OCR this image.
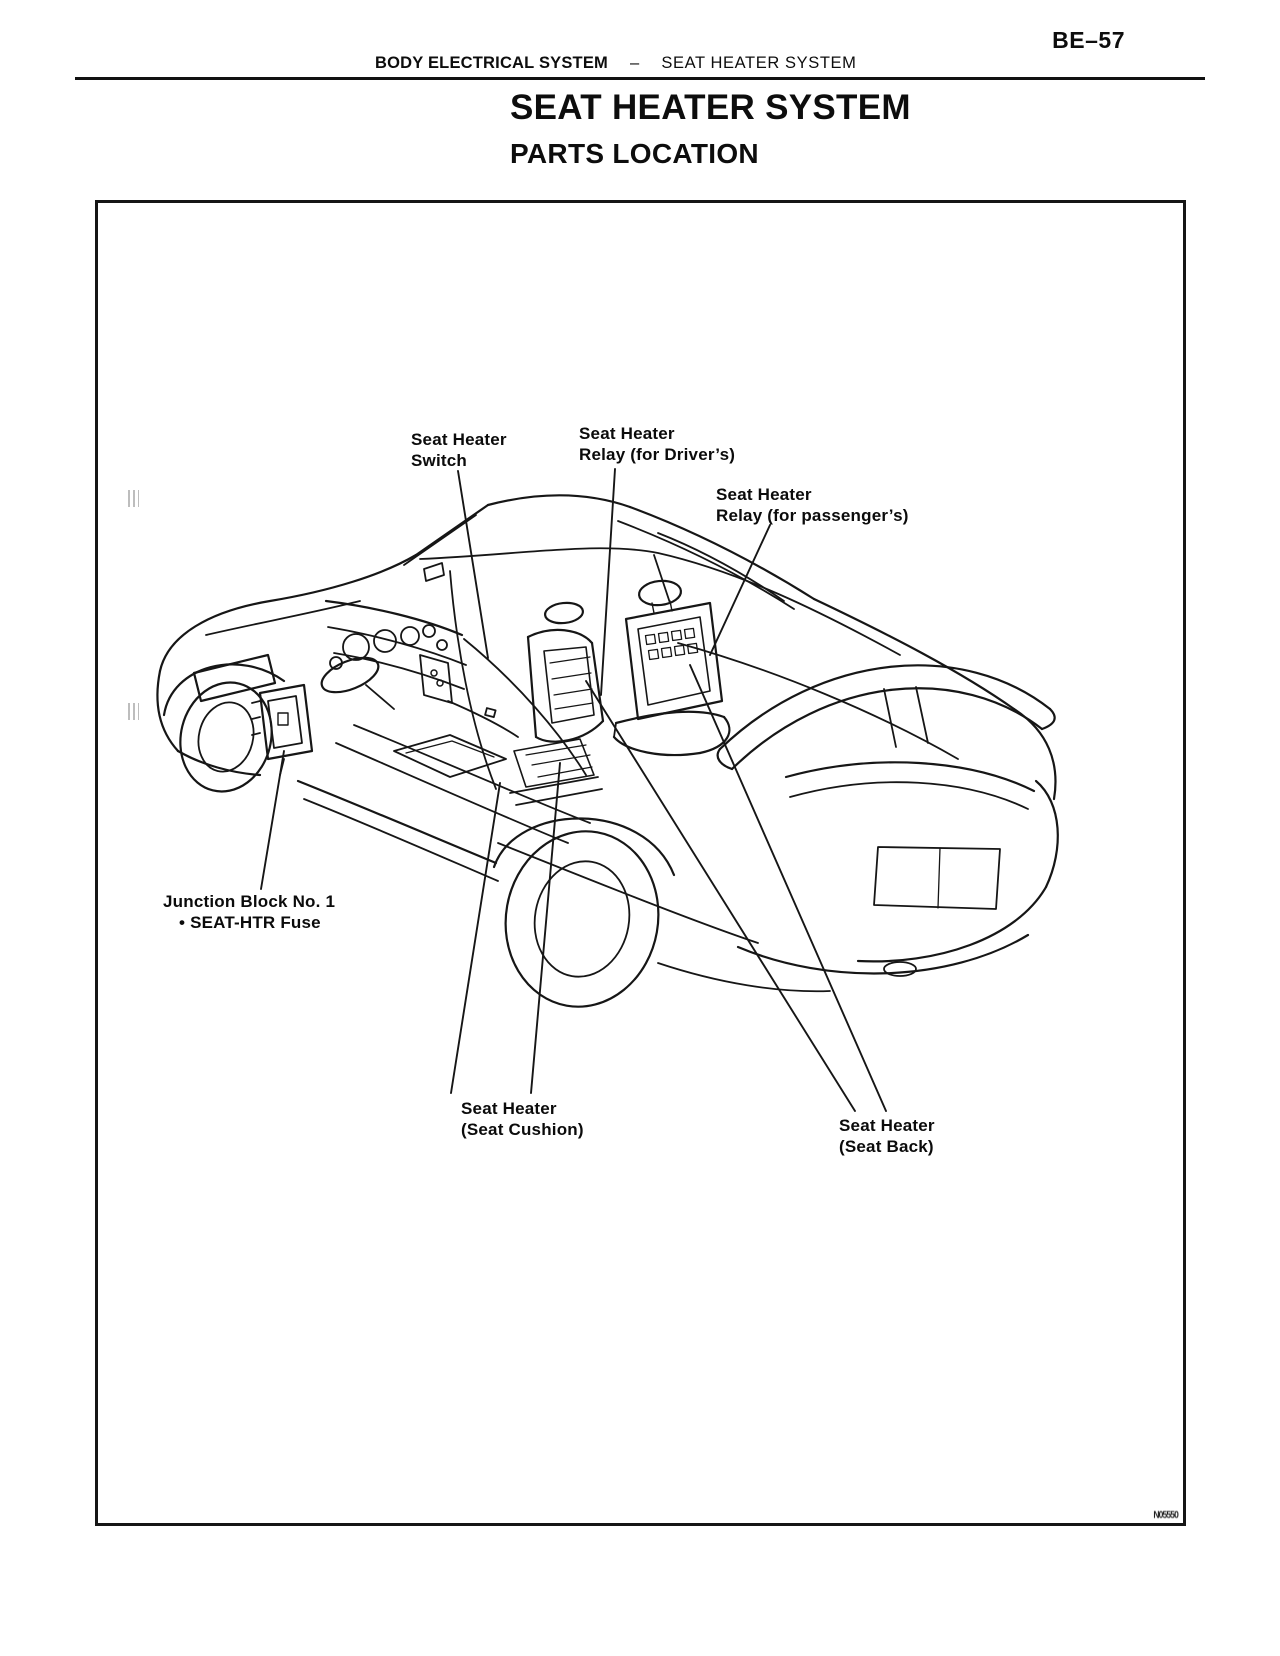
BE–57
BODY ELECTRICAL SYSTEM – SEAT HEATER SYSTEM
SEAT HEATER SYSTEM
PARTS LOCATION
Seat Heater
Switch
Seat Heater
Relay (for Driver’s)
Seat Heater
Relay (for passenger’s)
Junction Block No. 1
• SEAT-HTR Fuse
Seat Heater
(Seat Cushion)	Seat Heater
(Seat Back)
N05550
